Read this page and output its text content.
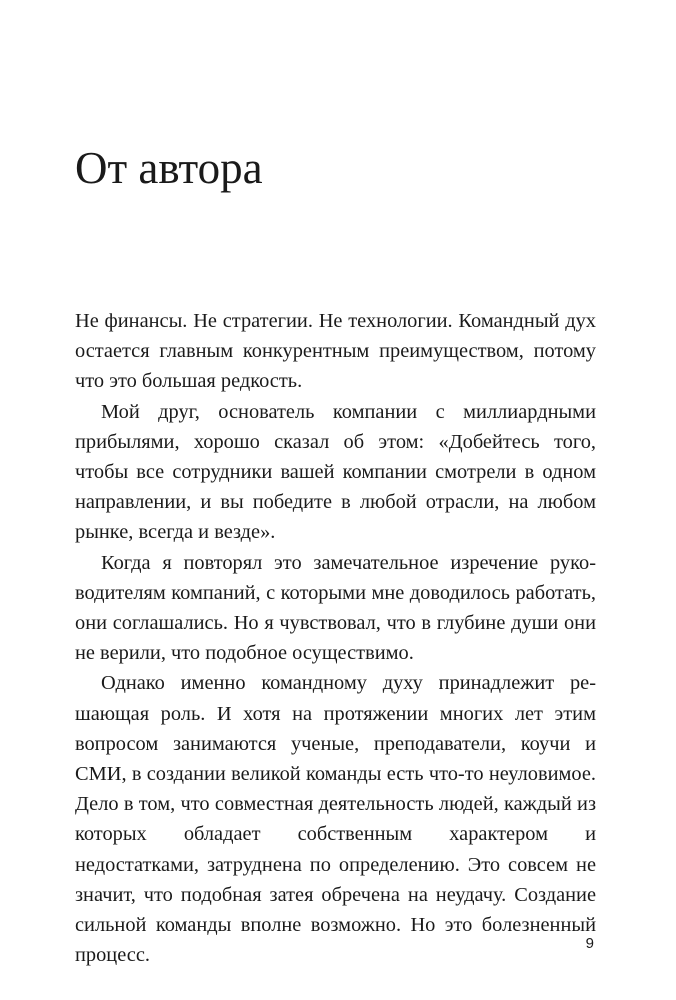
От автора

Не финансы. Не стратегии. Не технологии. Командный дух остается главным конкурентным преимуществом, потому что это большая редкость.

Мой друг, основатель компании с миллиардными прибылями, хорошо сказал об этом: «Добейтесь того, чтобы все сотрудники вашей компании смотрели в одном направлении, и вы победите в любой отрасли, на любом рынке, всегда и везде».

Когда я повторял это замечательное изречение руководителям компаний, с которыми мне доводилось работать, они соглашались. Но я чувствовал, что в глубине души они не верили, что подобное осуществимо.

Однако именно командному духу принадлежит решающая роль. И хотя на протяжении многих лет этим вопросом занимаются ученые, преподаватели, коучи и СМИ, в создании великой команды есть что-то неуловимое. Дело в том, что совместная деятельность людей, каждый из которых обладает собственным характером и недостатками, затруднена по определению. Это совсем не значит, что подобная затея обречена на неудачу. Создание сильной команды вполне возможно. Но это болезненный процесс.

9
